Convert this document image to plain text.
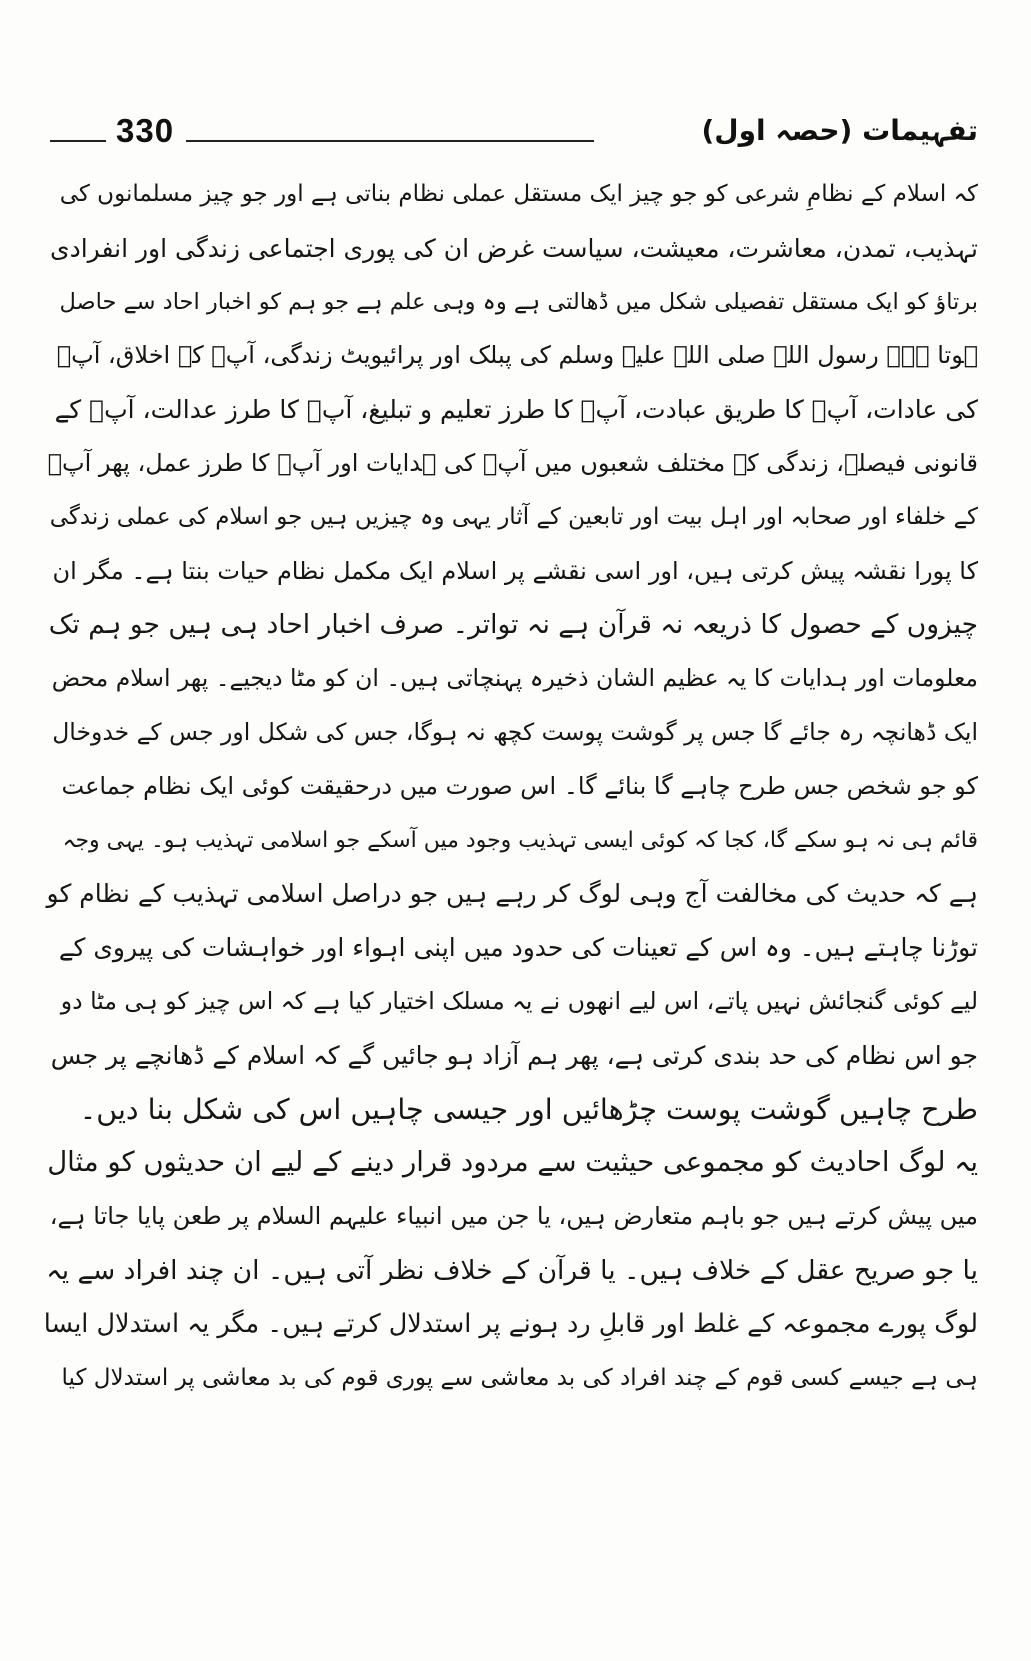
330	تفہیمات (حصہ اول)
کہ اسلام کے نظامِ شرعی کو جو چیز ایک مستقل عملی نظام بناتی ہے اور جو چیز مسلمانوں کی
تہذیب، تمدن، معاشرت، معیشت، سیاست غرض ان کی پوری اجتماعی زندگی اور انفرادی
برتاؤ کو ایک مستقل تفصیلی شکل میں ڈھالتی ہے وہ وہی علم ہے جو ہم کو اخبار احاد سے حاصل
ہوتا ہے۔ رسول اللہ صلی اللہ علیہ وسلم کی پبلک اور پرائیویٹ زندگی، آپؐ کے اخلاق، آپؐ
کی عادات، آپؐ کا طریق عبادت، آپؐ کا طرز تعلیم و تبلیغ، آپؐ کا طرز عدالت، آپؐ کے
قانونی فیصلے، زندگی کے مختلف شعبوں میں آپؐ کی ہدایات اور آپؐ کا طرز عمل، پھر آپؐ
کے خلفاء اور صحابہ اور اہل بیت اور تابعین کے آثار یہی وہ چیزیں ہیں جو اسلام کی عملی زندگی
کا پورا نقشہ پیش کرتی ہیں، اور اسی نقشے پر اسلام ایک مکمل نظام حیات بنتا ہے۔ مگر ان
چیزوں کے حصول کا ذریعہ نہ قرآن ہے نہ تواتر۔ صرف اخبار احاد ہی ہیں جو ہم تک
معلومات اور ہدایات کا یہ عظیم الشان ذخیرہ پہنچاتی ہیں۔ ان کو مٹا دیجیے۔ پھر اسلام محض
ایک ڈھانچہ رہ جائے گا جس پر گوشت پوست کچھ نہ ہوگا، جس کی شکل اور جس کے خدوخال
کو جو شخص جس طرح چاہے گا بنائے گا۔ اس صورت میں درحقیقت کوئی ایک نظام جماعت
قائم ہی نہ ہو سکے گا، کجا کہ کوئی ایسی تہذیب وجود میں آسکے جو اسلامی تہذیب ہو۔ یہی وجہ
ہے کہ حدیث کی مخالفت آج وہی لوگ کر رہے ہیں جو دراصل اسلامی تہذیب کے نظام کو
توڑنا چاہتے ہیں۔ وہ اس کے تعینات کی حدود میں اپنی اہواء اور خواہشات کی پیروی کے
لیے کوئی گنجائش نہیں پاتے، اس لیے انھوں نے یہ مسلک اختیار کیا ہے کہ اس چیز کو ہی مٹا دو
جو اس نظام کی حد بندی کرتی ہے، پھر ہم آزاد ہو جائیں گے کہ اسلام کے ڈھانچے پر جس
طرح چاہیں گوشت پوست چڑھائیں اور جیسی چاہیں اس کی شکل بنا دیں۔
یہ لوگ احادیث کو مجموعی حیثیت سے مردود قرار دینے کے لیے ان حدیثوں کو مثال
میں پیش کرتے ہیں جو باہم متعارض ہیں، یا جن میں انبیاء علیہم السلام پر طعن پایا جاتا ہے،
یا جو صریح عقل کے خلاف ہیں۔ یا قرآن کے خلاف نظر آتی ہیں۔ ان چند افراد سے یہ
لوگ پورے مجموعہ کے غلط اور قابلِ رد ہونے پر استدلال کرتے ہیں۔ مگر یہ استدلال ایسا
ہی ہے جیسے کسی قوم کے چند افراد کی بد معاشی سے پوری قوم کی بد معاشی پر استدلال کیا
